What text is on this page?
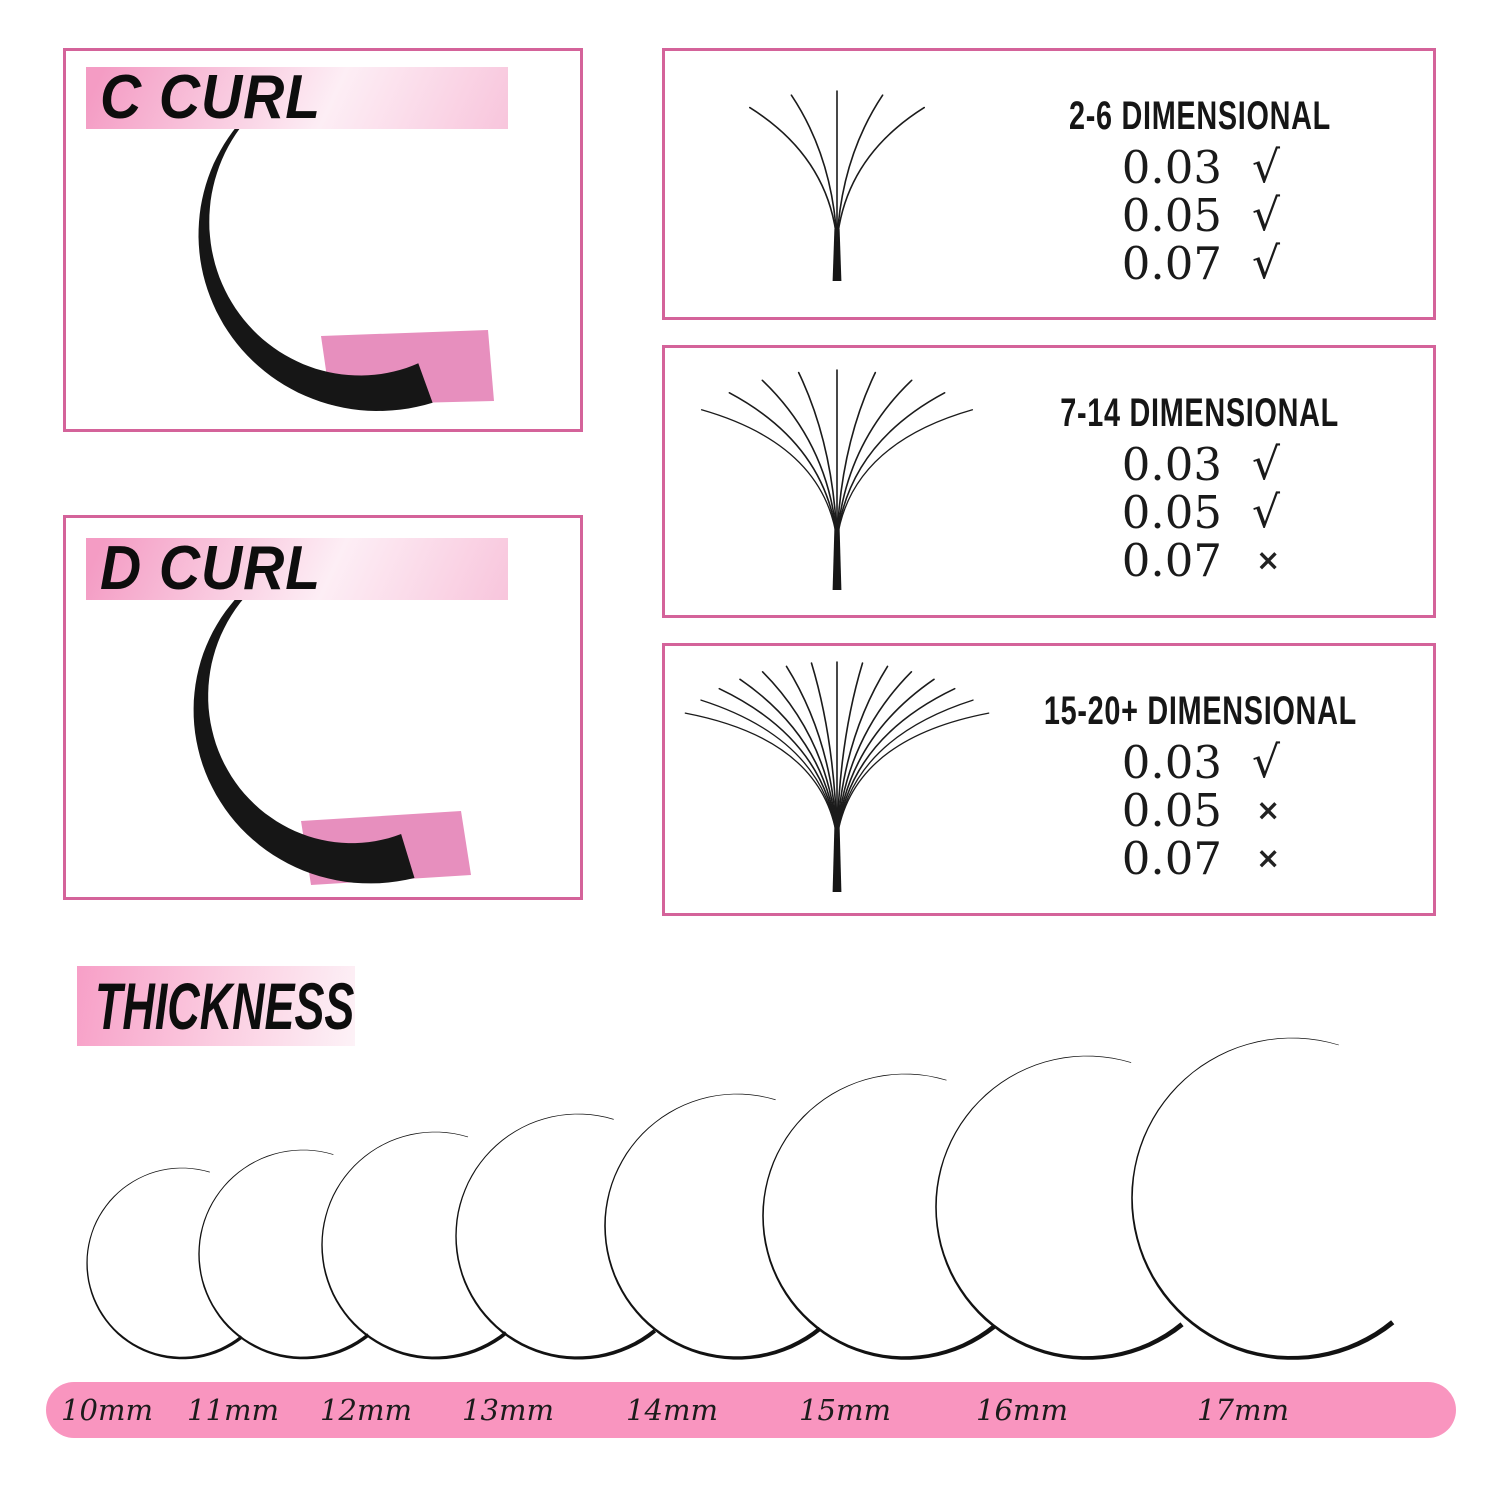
C CURL
D CURL
2-6 DIMENSIONAL
0.03 √
0.05 √
0.07 √
7-14 DIMENSIONAL
0.03 √
0.05 √
0.07	×
15-20+ DIMENSIONAL
0.03 √
0.05	×
0.07	×
THICKNESS
10mm	11mm	12mm	13mm	14mm	15mm	16mm	17mm
